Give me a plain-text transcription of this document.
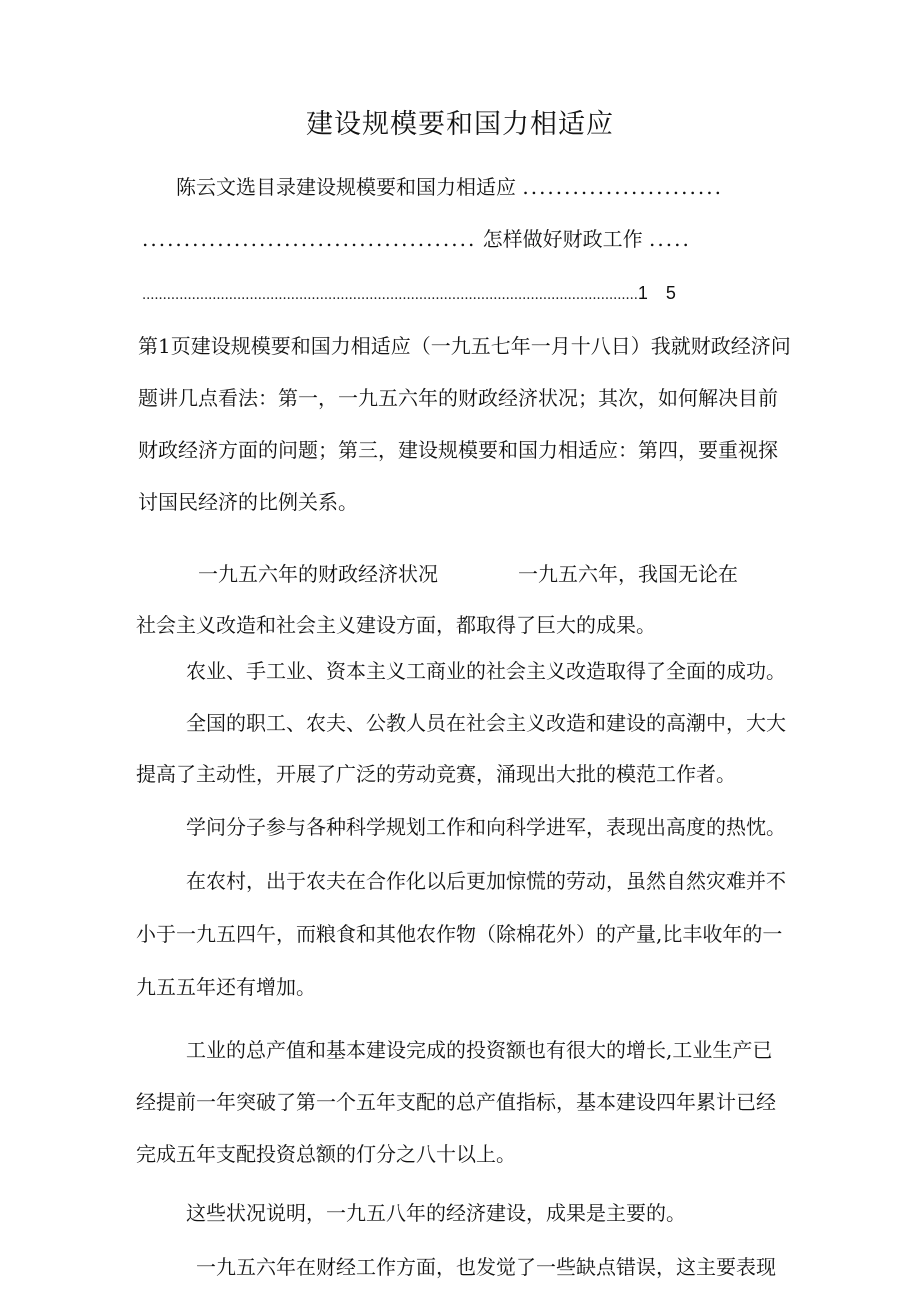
建设规模要和国力相适应
陈云文选目录建设规模要和国力相适应 ........................
........................................ 怎样做好财政工作 .....
........................................................................................................................1 5
第1页建设规模要和国力相适应（一九五七年一月十八日）我就财政经济问
题讲几点看法：第一，一九五六年的财政经济状况；其次，如何解决目前
财政经济方面的问题；第三，建设规模要和国力相适应：第四，要重视探
讨国民经济的比例关系。
一九五六年的财政经济状况	一九五六年，我国无论在
社会主义改造和社会主义建设方面，都取得了巨大的成果。
农业、手工业、资本主义工商业的社会主义改造取得了全面的成功。
全国的职工、农夫、公教人员在社会主义改造和建设的高潮中，大大
提高了主动性，开展了广泛的劳动竞赛，涌现出大批的模范工作者。
学问分子参与各种科学规划工作和向科学进军，表现出高度的热忱。
在农村，出于农夫在合作化以后更加惊慌的劳动，虽然自然灾难并不
小于一九五四午，而粮食和其他农作物（除棉花外）的产量,比丰收年的一
九五五年还有增加。
工业的总产值和基本建设完成的投资额也有很大的增长,工业生产已
经提前一年突破了第一个五年支配的总产值指标，基本建设四年累计已经
完成五年支配投资总额的仃分之八十以上。
这些状况说明，一九五八年的经济建设，成果是主要的。
一九五六年在财经工作方面，也发觉了一些缺点错误，这主要表现
